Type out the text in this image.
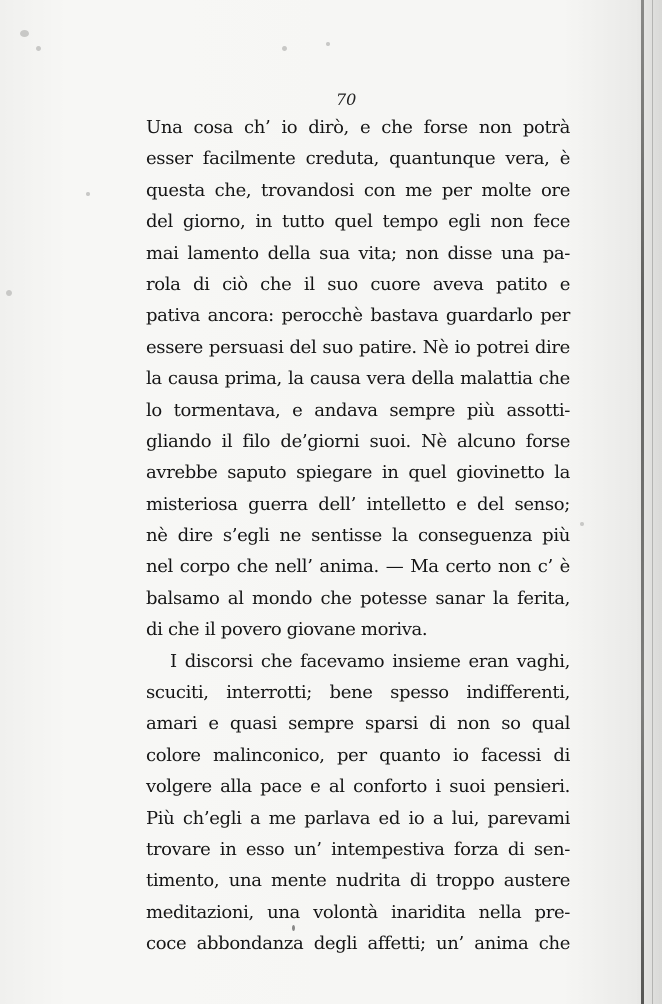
70
Una cosa ch’ io dirò, e che forse non potrà
esser facilmente creduta, quantunque vera, è
questa che, trovandosi con me per molte ore
del giorno, in tutto quel tempo egli non fece
mai lamento della sua vita; non disse una pa-
rola di ciò che il suo cuore aveva patito e
pativa ancora: perocchè bastava guardarlo per
essere persuasi del suo patire. Nè io potrei dire
la causa prima, la causa vera della malattia che
lo tormentava, e andava sempre più assotti-
gliando il filo de’giorni suoi. Nè alcuno forse
avrebbe saputo spiegare in quel giovinetto la
misteriosa guerra dell’ intelletto e del senso;
nè dire s’egli ne sentisse la conseguenza più
nel corpo che nell’ anima. — Ma certo non c’ è
balsamo al mondo che potesse sanar la ferita,
di che il povero giovane moriva.
I discorsi che facevamo insieme eran vaghi,
scuciti, interrotti; bene spesso indifferenti,
amari e quasi sempre sparsi di non so qual
colore malinconico, per quanto io facessi di
volgere alla pace e al conforto i suoi pensieri.
Più ch’egli a me parlava ed io a lui, parevami
trovare in esso un’ intempestiva forza di sen-
timento, una mente nudrita di troppo austere
meditazioni, una volontà inaridita nella pre-
coce abbondanza degli affetti; un’ anima che
